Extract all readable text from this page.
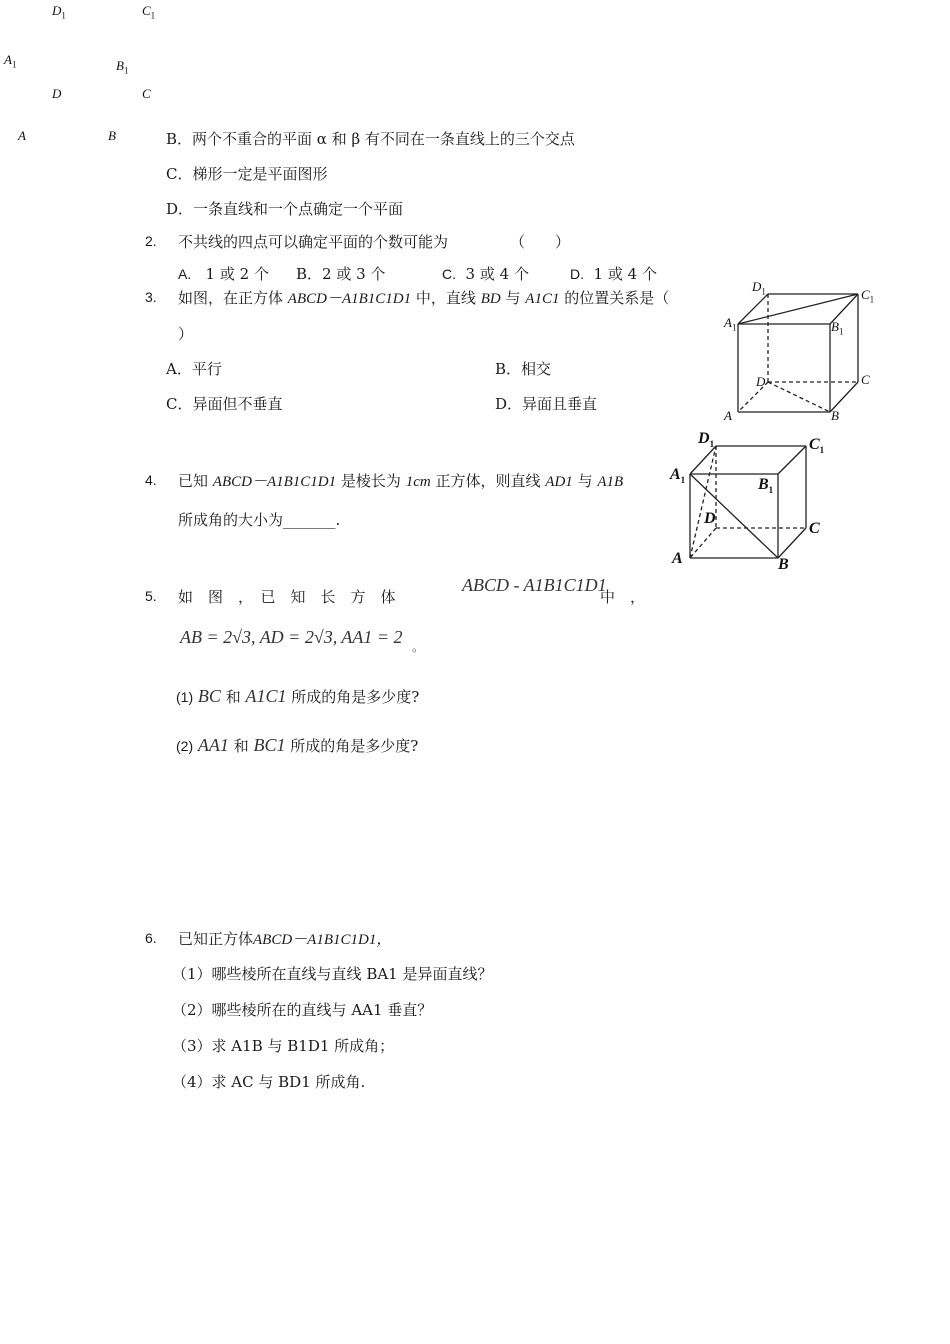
$D_1$	$C_1$
$A_1$	$B_1$
D	C
A	B	B．两个不重合的平面 α 和 β 有不同在一条直线上的三个交点
C．梯形一定是平面图形
D．一条直线和一个点确定一个平面
2. 不共线的四点可以确定平面的个数可能为	（　　）
A. 1 或 2 个 B．2 或 3 个	C. 3 或 4 个	D. 1 或 4 个
3. 如图，在正方体 ABCD－A1B1C1D1 中，直线 BD 与 A1C1 的位置关系是（
）
A．平行	B．相交
C．异面但不垂直	D．异面且垂直
$D_1$	$C_1$
$A_1$	$B_1$
D	C
A	B
4. 已知 ABCD－A1B1C1D1 是棱长为 1cm 正方体，则直线 AD1 与 A1B
所成角的大小为_______.
$D_1$	$C_1$
$A_1$	$B_1$
D
C
A	B
5. 如　图　，　已　知　长　方　体
ABCD - A1B1C1D1
中　，
AB = 2√3, AD = 2√3, AA1 = 2 。
(1) BC 和 A1C1 所成的角是多少度?
(2) AA1 和 BC1 所成的角是多少度?
6. 已知正方体ABCD－A1B1C1D1，
（1）哪些棱所在直线与直线 BA1 是异面直线？
（2）哪些棱所在的直线与 AA1 垂直？
（3）求 A1B 与 B1D1 所成角；
（4）求 AC 与 BD1 所成角.
